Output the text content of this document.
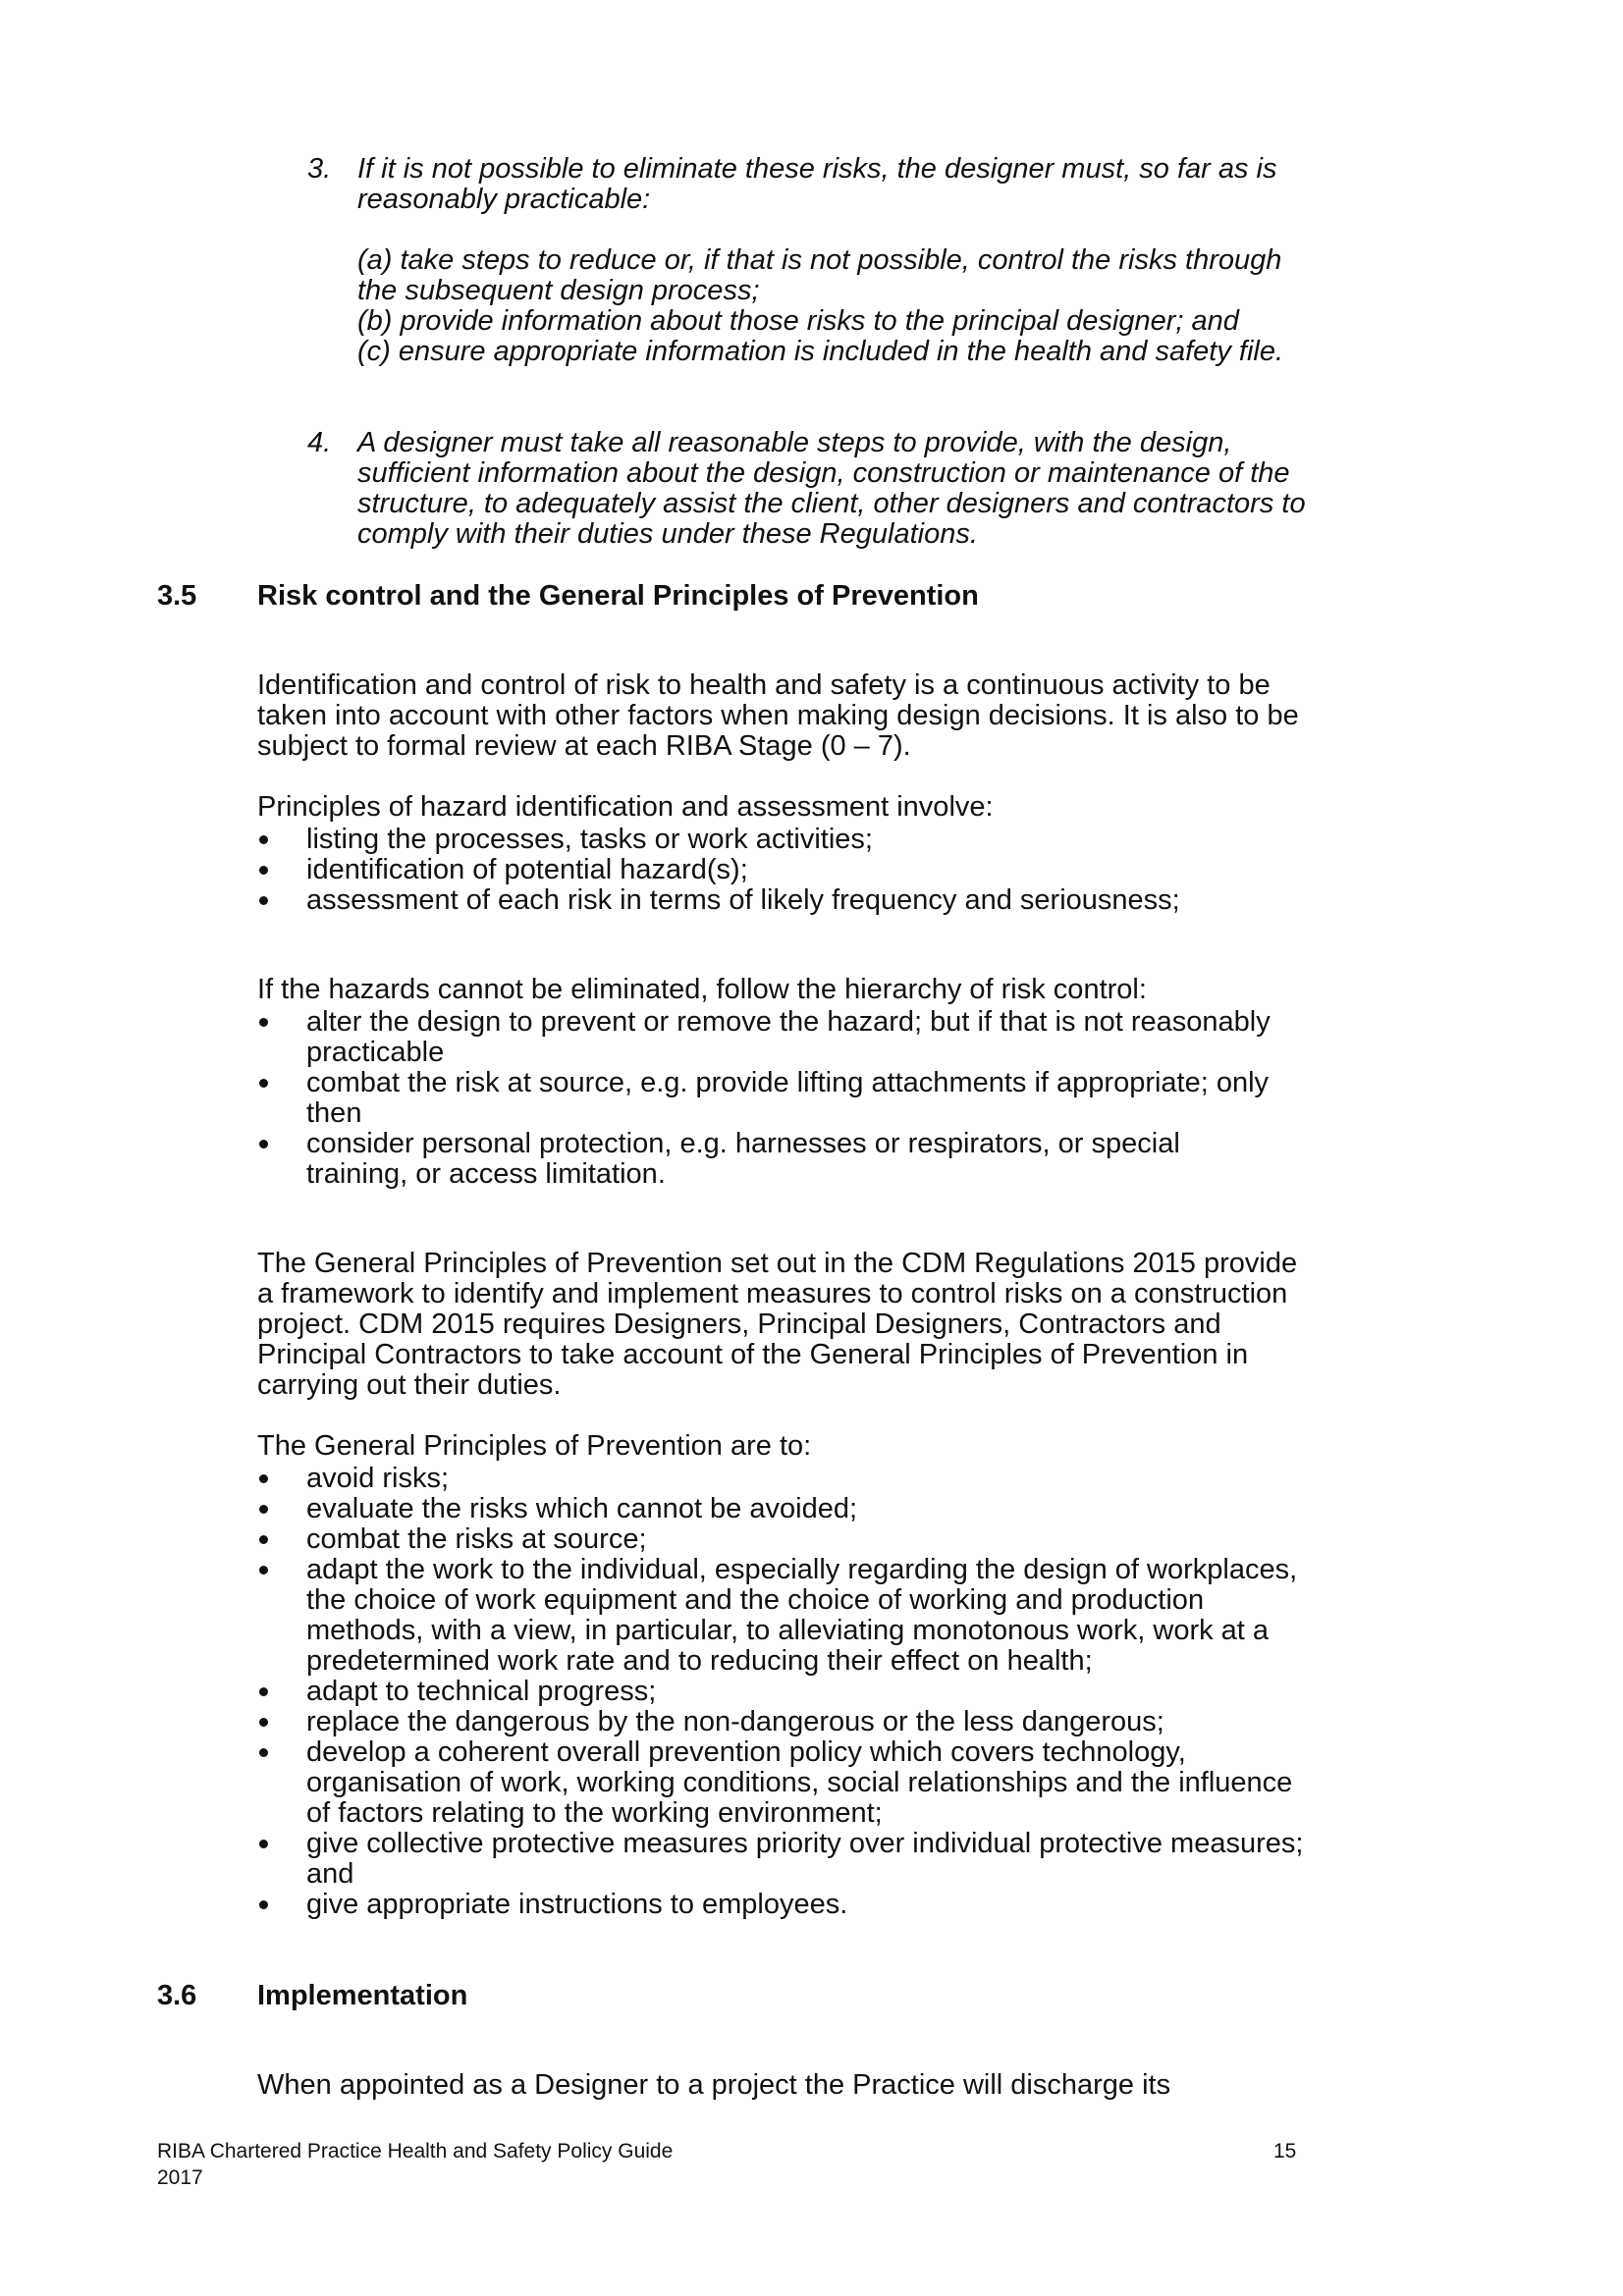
3. If it is not possible to eliminate these risks, the designer must, so far as is reasonably practicable:

(a) take steps to reduce or, if that is not possible, control the risks through the subsequent design process;

(b) provide information about those risks to the principal designer; and

(c) ensure appropriate information is included in the health and safety file.

4. A designer must take all reasonable steps to provide, with the design, sufficient information about the design, construction or maintenance of the structure, to adequately assist the client, other designers and contractors to comply with their duties under these Regulations.

3.5 Risk control and the General Principles of Prevention

Identification and control of risk to health and safety is a continuous activity to be taken into account with other factors when making design decisions. It is also to be subject to formal review at each RIBA Stage (0 – 7).

Principles of hazard identification and assessment involve:

listing the processes, tasks or work activities;
identification of potential hazard(s);
assessment of each risk in terms of likely frequency and seriousness;

If the hazards cannot be eliminated, follow the hierarchy of risk control:

alter the design to prevent or remove the hazard; but if that is not reasonably practicable
combat the risk at source, e.g. provide lifting attachments if appropriate; only then
consider personal protection, e.g. harnesses or respirators, or special training, or access limitation.

The General Principles of Prevention set out in the CDM Regulations 2015 provide a framework to identify and implement measures to control risks on a construction project. CDM 2015 requires Designers, Principal Designers, Contractors and Principal Contractors to take account of the General Principles of Prevention in carrying out their duties.

The General Principles of Prevention are to:

avoid risks;
evaluate the risks which cannot be avoided;
combat the risks at source;
adapt the work to the individual, especially regarding the design of workplaces, the choice of work equipment and the choice of working and production methods, with a view, in particular, to alleviating monotonous work, work at a predetermined work rate and to reducing their effect on health;
adapt to technical progress;
replace the dangerous by the non-dangerous or the less dangerous;
develop a coherent overall prevention policy which covers technology, organisation of work, working conditions, social relationships and the influence of factors relating to the working environment;
give collective protective measures priority over individual protective measures; and
give appropriate instructions to employees.
3.6 Implementation

When appointed as a Designer to a project the Practice will discharge its

RIBA Chartered Practice Health and Safety Policy Guide
2017
15
